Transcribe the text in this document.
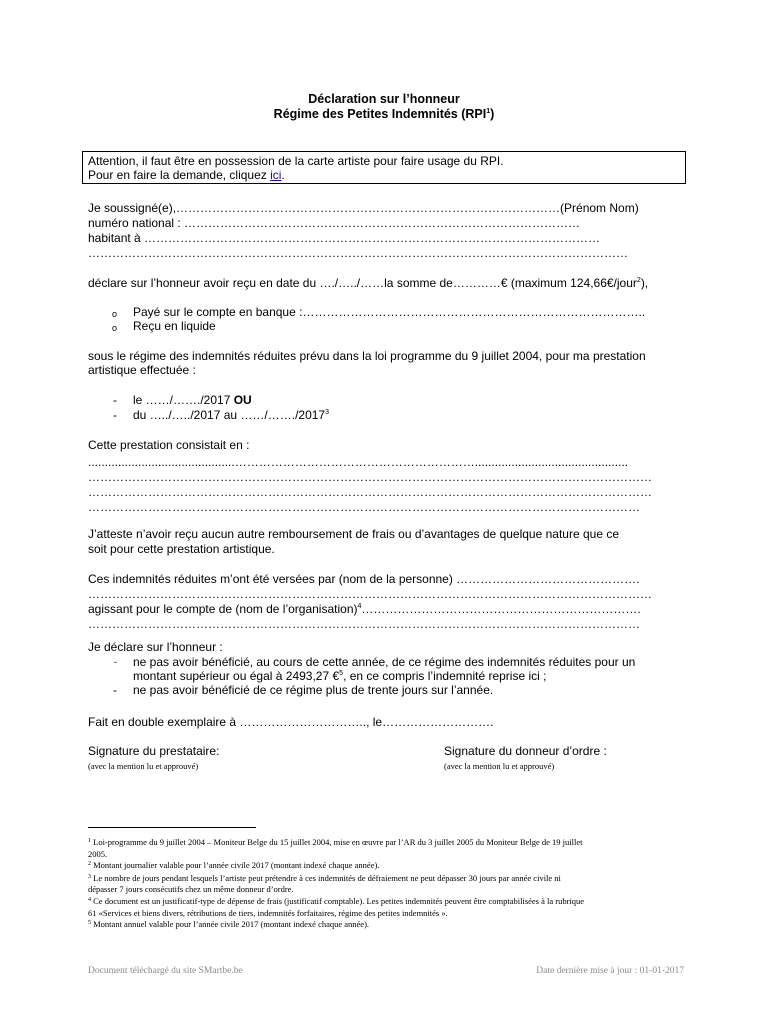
Déclaration sur l’honneur
Régime des Petites Indemnités (RPI$^1$)
Attention, il faut être en possession de la carte artiste pour faire usage du RPI.
Pour en faire la demande, cliquez ici.
Je soussigné(e),……………………………………………………………………………………(Prénom Nom)
numéro national : ………………………………………………………………………………………
habitant à ……………………………………………………………………………………………………
………………………………………………………………………………………………………………………
déclare sur l’honneur avoir reçu en date du …./…../……la somme de…………€ (maximum 124,66€/jour$^2$),
o Payé sur le compte en banque :…………………………………………………………………………..
o Reçu en liquide
sous le régime des indemnités réduites prévu dans la loi programme du 9 juillet 2004, pour ma prestation
artistique effectuée :
- le ……/……./2017 OU
- du …../…../2017 au ……/……./2017$^3$
Cette prestation consistait en :
............................................……………………………………………………..............................................
……………………………………………………………………………………………………………………………
……………………………………………………………………………………………………………………………
…………………………………………………………………………………………………………………………
J’atteste n’avoir reçu aucun autre remboursement de frais ou d’avantages de quelque nature que ce
soit pour cette prestation artistique.
Ces indemnités réduites m’ont été versées par (nom de la personne) ……………………………………….
……………………………………………………………………………………………………………………………
agissant pour le compte de (nom de l’organisation)$^4$…………………………………………………………….
…………………………………………………………………………………………………………………………
Je déclare sur l’honneur :
- ne pas avoir bénéficié, au cours de cette année, de ce régime des indemnités réduites pour un
montant supérieur ou égal à 2493,27 €$^5$, en ce compris l’indemnité reprise ici ;
- ne pas avoir bénéficié de ce régime plus de trente jours sur l’année.
Fait en double exemplaire à ………………………….., le……………………….
Signature du prestataire:
(avec la mention lu et approuvé)
Signature du donneur d’ordre :
(avec la mention lu et approuvé)
$^1$ Loi-programme du 9 juillet 2004 – Moniteur Belge du 15 juillet 2004, mise en œuvre par l’AR du 3 juillet 2005 du Moniteur Belge de 19 juillet
2005.
$^2$ Montant journalier valable pour l’année civile 2017 (montant indexé chaque année).
$^3$ Le nombre de jours pendant lesquels l’artiste peut prétendre à ces indemnités de défraiement ne peut dépasser 30 jours par année civile ni
dépasser 7 jours consécutifs chez un même donneur d’ordre.
$^4$ Ce document est un justificatif-type de dépense de frais (justificatif comptable). Les petites indemnités peuvent être comptabilisées à la rubrique
61 «Services et biens divers, rétributions de tiers, indemnités forfaitaires, régime des petites indemnités ».
$^5$ Montant annuel valable pour l’année civile 2017 (montant indexé chaque année).
Document téléchargé du site SMartbe.be	Date dernière mise à jour : 01-01-2017
